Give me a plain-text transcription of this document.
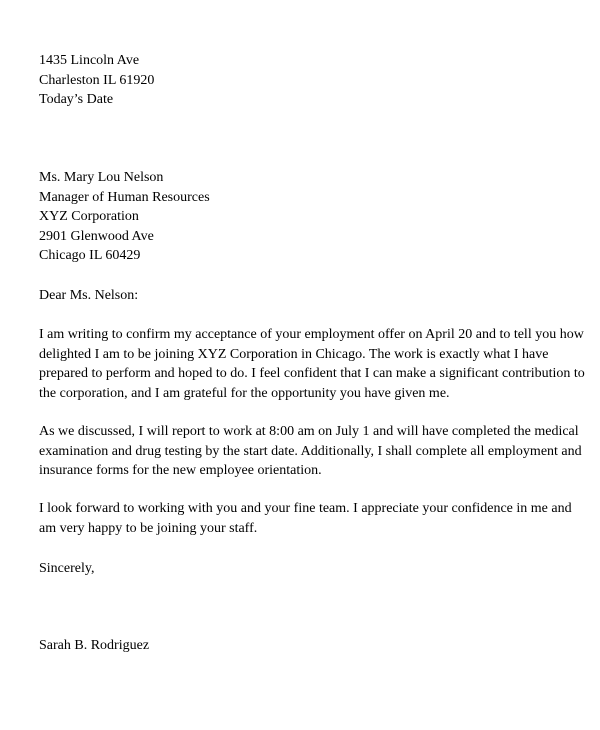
1435 Lincoln Ave
Charleston IL 61920
Today’s Date
Ms. Mary Lou Nelson
Manager of Human Resources
XYZ Corporation
2901 Glenwood Ave
Chicago IL 60429
Dear Ms. Nelson:
I am writing to confirm my acceptance of your employment offer on April 20 and to tell you how
delighted I am to be joining XYZ Corporation in Chicago. The work is exactly what I have
prepared to perform and hoped to do. I feel confident that I can make a significant contribution to
the corporation, and I am grateful for the opportunity you have given me.
As we discussed, I will report to work at 8:00 am on July 1 and will have completed the medical
examination and drug testing by the start date. Additionally, I shall complete all employment and
insurance forms for the new employee orientation.
I look forward to working with you and your fine team. I appreciate your confidence in me and
am very happy to be joining your staff.
Sincerely,
Sarah B. Rodriguez
